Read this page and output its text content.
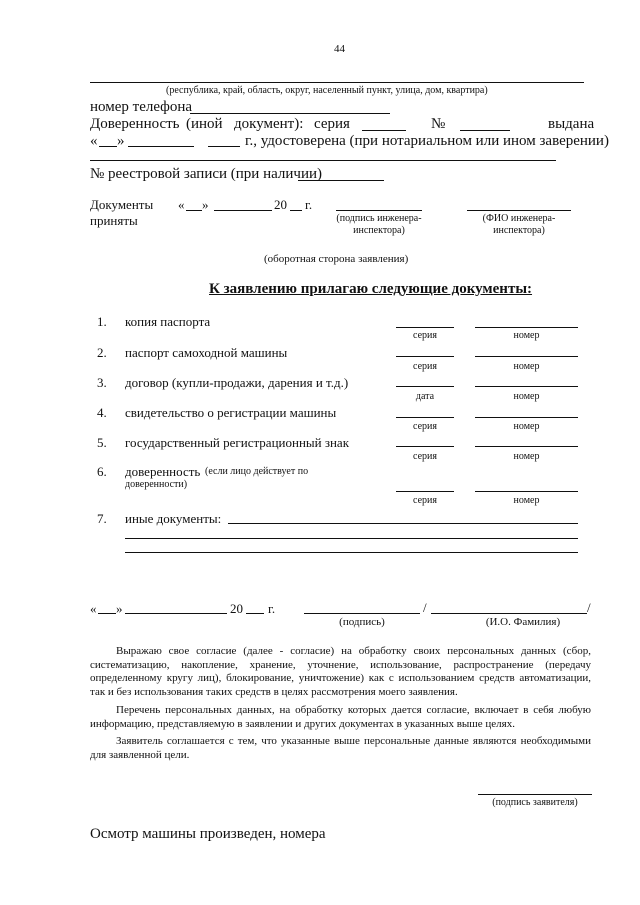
44
(республика, край, область, округ, населенный пункт, улица, дом, квартира)
номер телефона
Доверенность (иной документ): серия	№	выдана
« »	г., удостоверена (при нотариальном или ином заверении)
№ реестровой записи (при наличии)
Документы
приняты
« »	20 г.
(подпись инженера-
инспектора)
(ФИО инженера-
инспектора)
(оборотная сторона заявления)
К заявлению прилагаю следующие документы:
1. копия паспорта
серия	номер
2. паспорт самоходной машины
серия	номер
3. договор (купли-продажи, дарения и т.д.)
дата	номер
4. свидетельство о регистрации машины
серия	номер
5. государственный регистрационный знак
серия	номер
6. доверенность (если лицо действует по
доверенности)
серия	номер
7. иные документы:
« »	20 г.	/	/
(подпись)	(И.О. Фамилия)
Выражаю свое согласие (далее - согласие) на обработку своих персональных данных (сбор, систематизацию, накопление, хранение, уточнение, использование, распространение (передачу определенному кругу лиц), блокирование, уничтожение) как с использованием средств автоматизации, так и без использования таких средств в целях рассмотрения моего заявления.
Перечень персональных данных, на обработку которых дается согласие, включает в себя любую информацию, представляемую в заявлении и других документах в указанных выше целях.
Заявитель соглашается с тем, что указанные выше персональные данные являются необходимыми для заявленной цели.
(подпись заявителя)
Осмотр машины произведен, номера
